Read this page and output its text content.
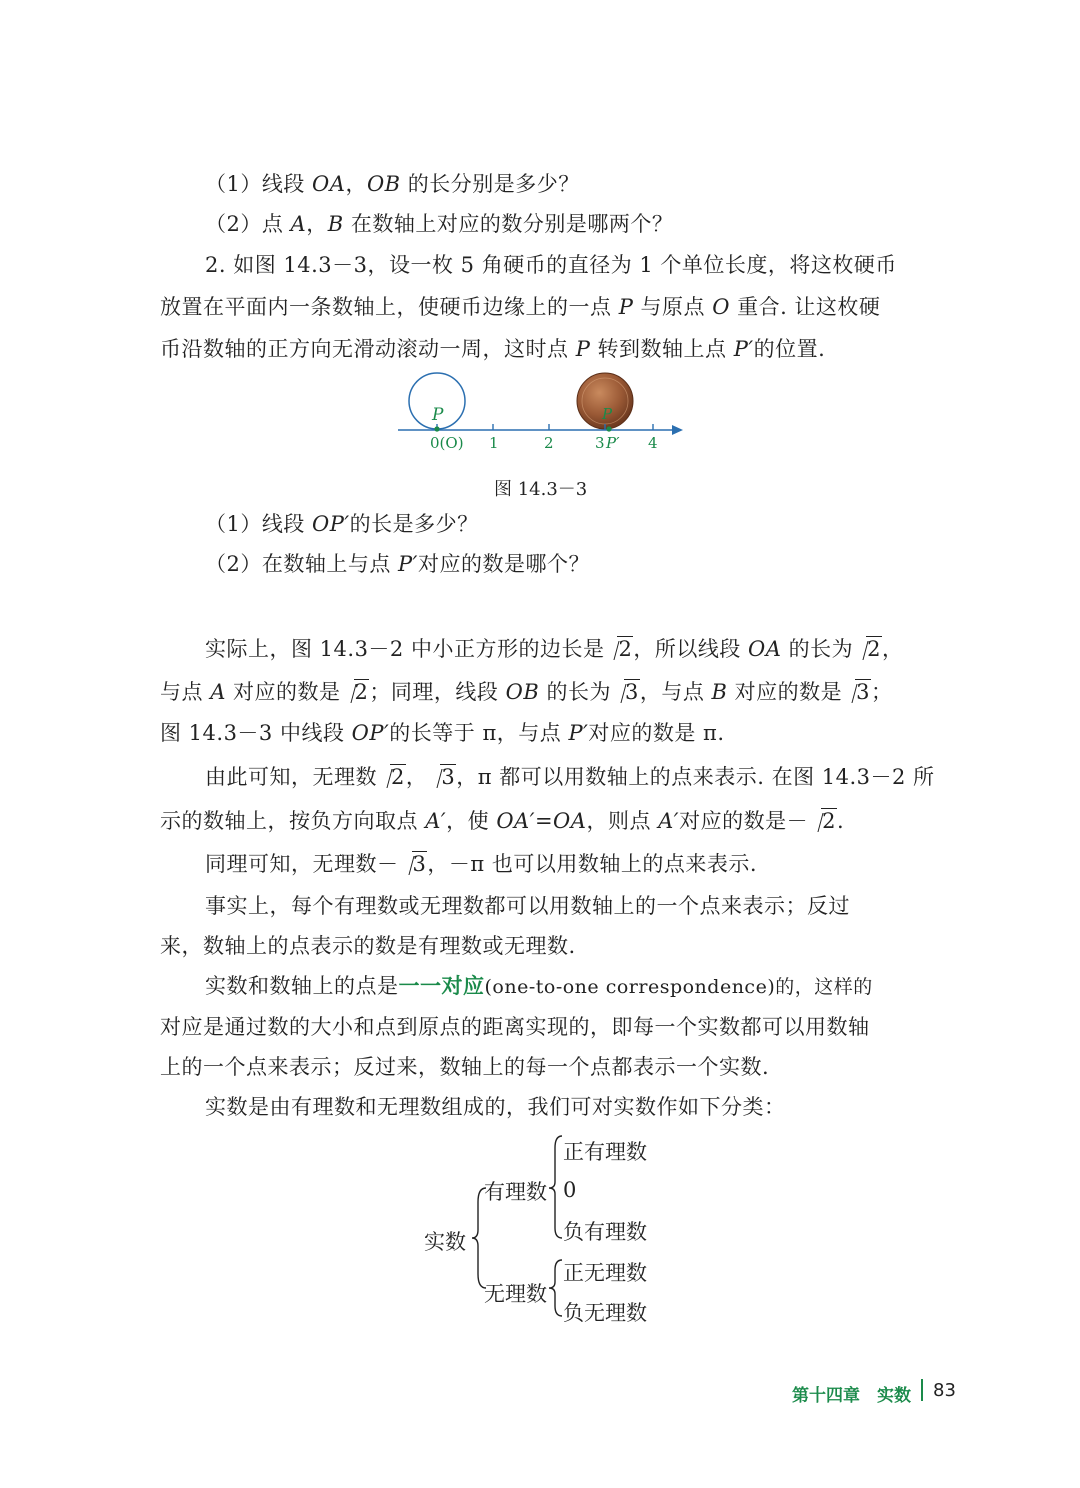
（1）线段 OA，OB 的长分别是多少？
（2）点 A，B 在数轴上对应的数分别是哪两个？
2. 如图 14.3－3，设一枚 5 角硬币的直径为 1 个单位长度，将这枚硬币
放置在平面内一条数轴上，使硬币边缘上的一点 P 与原点 O 重合. 让这枚硬
币沿数轴的正方向无滑动滚动一周，这时点 P 转到数轴上点 P′的位置.
P	P
0(O) 1	2	3 P′ 4
图 14.3－3
（1）线段 OP′的长是多少？
（2）在数轴上与点 P′对应的数是哪个？
实际上，图 14.3－2 中小正方形的边长是 2，所以线段 OA 的长为 2，
与点 A 对应的数是 2；同理，线段 OB 的长为 3，与点 B 对应的数是 3；
图 14.3－3 中线段 OP′的长等于 π，与点 P′对应的数是 π.
由此可知，无理数 2， 3，π 都可以用数轴上的点来表示. 在图 14.3－2 所
示的数轴上，按负方向取点 A′，使 OA′=OA，则点 A′对应的数是－ 2.
同理可知，无理数－ 3，－π 也可以用数轴上的点来表示.
事实上，每个有理数或无理数都可以用数轴上的一个点来表示；反过
来，数轴上的点表示的数是有理数或无理数.
实数和数轴上的点是一一对应(one-to-one correspondence)的，这样的
对应是通过数的大小和点到原点的距离实现的，即每一个实数都可以用数轴
上的一个点来表示；反过来，数轴上的每一个点都表示一个实数.
实数是由有理数和无理数组成的，我们可对实数作如下分类：
实数
有理数
无理数
正有理数
0
负有理数
正无理数
负无理数
第十四章　实数 83
